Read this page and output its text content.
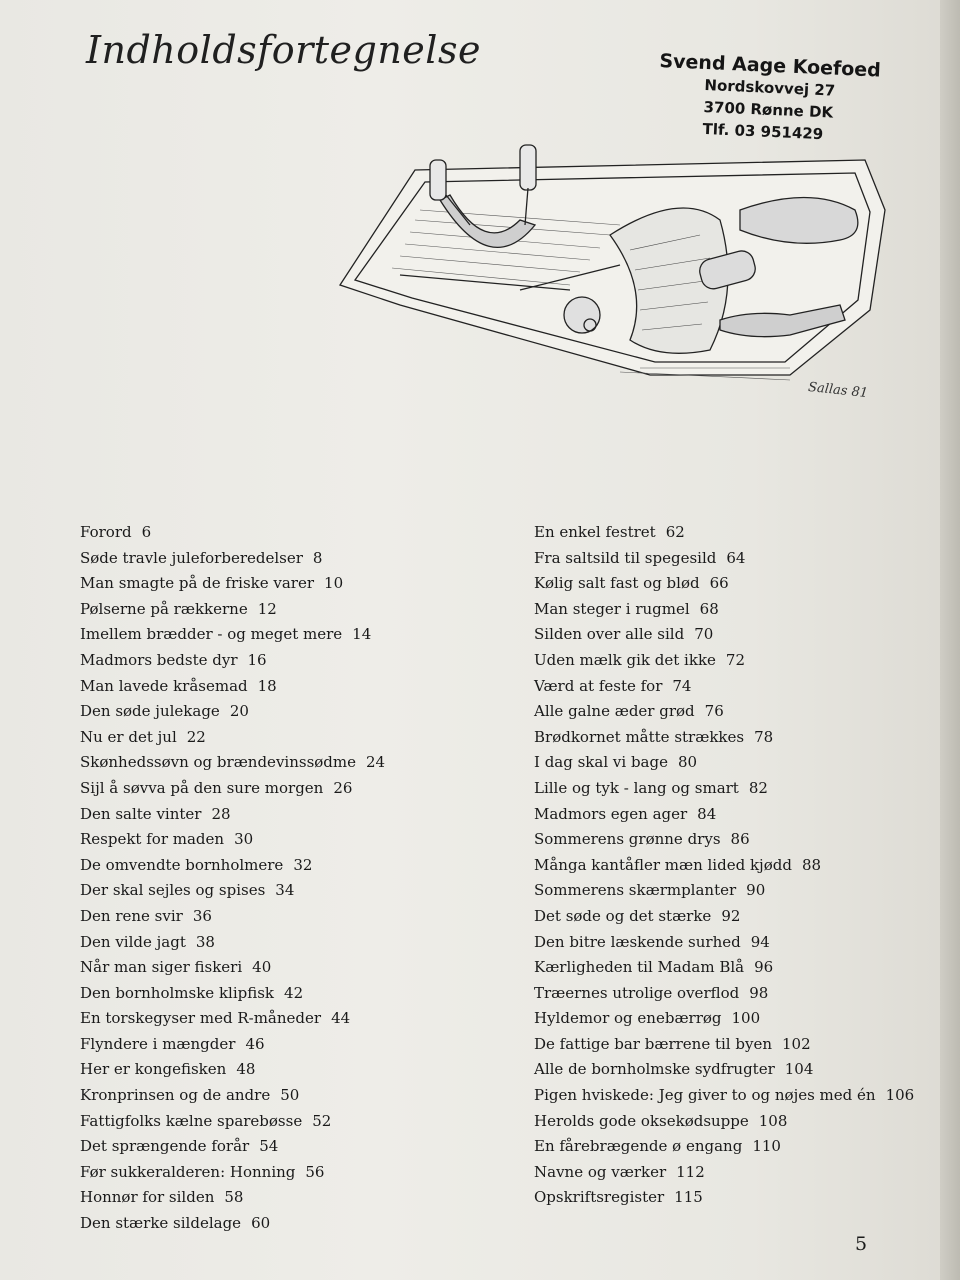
Indholdsfortegnelse	Svend Aage Koefoed
Nordskovvej 27
3700 Rønne DK
Tlf. 03 951429
Sallas 81
Forord 6
Søde travle juleforberedelser 8
Man smagte på de friske varer 10
Pølserne på rækkerne 12
Imellem brædder - og meget mere 14
Madmors bedste dyr 16
Man lavede kråsemad 18
Den søde julekage 20
Nu er det jul 22
Skønhedssøvn og brændevinssødme 24
Sijl å søvva på den sure morgen 26
Den salte vinter 28
Respekt for maden 30
De omvendte bornholmere 32
Der skal sejles og spises 34
Den rene svir 36
Den vilde jagt 38
Når man siger fiskeri 40
Den bornholmske klipfisk 42
En torskegyser med R-måneder 44
Flyndere i mængder 46
Her er kongefisken 48
Kronprinsen og de andre 50
Fattigfolks kælne sparebøsse 52
Det sprængende forår 54
Før sukkeralderen: Honning 56
Honnør for silden 58
Den stærke sildelage 60
En enkel festret 62
Fra saltsild til spegesild 64
Kølig salt fast og blød 66
Man steger i rugmel 68
Silden over alle sild 70
Uden mælk gik det ikke 72
Værd at feste for 74
Alle galne æder grød 76
Brødkornet måtte strækkes 78
I dag skal vi bage 80
Lille og tyk - lang og smart 82
Madmors egen ager 84
Sommerens grønne drys 86
Många kantåfler mæn lided kjødd 88
Sommerens skærmplanter 90
Det søde og det stærke 92
Den bitre læskende surhed 94
Kærligheden til Madam Blå 96
Træernes utrolige overflod 98
Hyldemor og enebærrøg 100
De fattige bar bærrene til byen 102
Alle de bornholmske sydfrugter 104
Pigen hviskede: Jeg giver to og nøjes med én 106
Herolds gode oksekødsuppe 108
En fårebrægende ø engang 110
Navne og værker 112
Opskriftsregister 115
5
